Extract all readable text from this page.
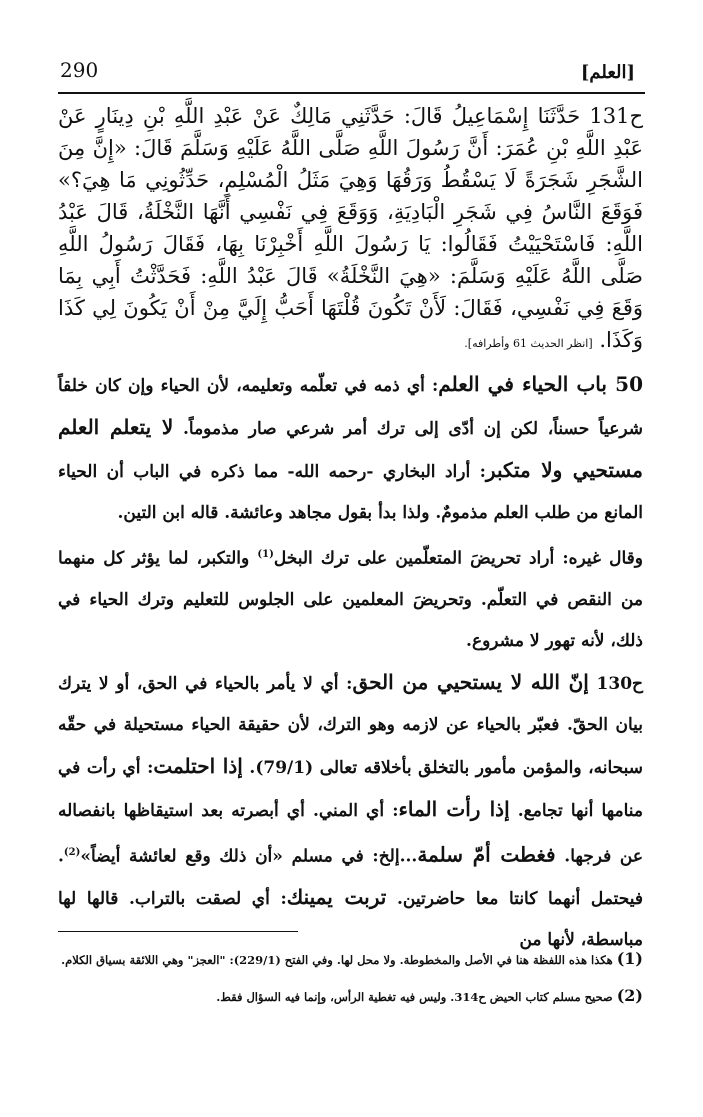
290	[العلم]

ح131 حَدَّثَنَا إِسْمَاعِيلُ قَالَ: حَدَّثَنِي مَالِكٌ عَنْ عَبْدِ اللَّهِ بْنِ دِينَارٍ عَنْ عَبْدِ اللَّهِ بْنِ عُمَرَ: أَنَّ رَسُولَ اللَّهِ صَلَّى اللَّهُ عَلَيْهِ وَسَلَّمَ قَالَ: «إِنَّ مِنَ الشَّجَرِ شَجَرَةً لَا يَسْقُطُ وَرَقُهَا وَهِيَ مَثَلُ الْمُسْلِمِ، حَدِّثُونِي مَا هِيَ؟» فَوَقَعَ النَّاسُ فِي شَجَرِ الْبَادِيَةِ، وَوَقَعَ فِي نَفْسِي أَنَّهَا النَّخْلَةُ، قَالَ عَبْدُ اللَّهِ: فَاسْتَحْيَيْتُ فَقَالُوا: يَا رَسُولَ اللَّهِ أَخْبِرْنَا بِهَا، فَقَالَ رَسُولُ اللَّهِ صَلَّى اللَّهُ عَلَيْهِ وَسَلَّمَ: «هِيَ النَّخْلَةُ» قَالَ عَبْدُ اللَّهِ: فَحَدَّثْتُ أَبِي بِمَا وَقَعَ فِي نَفْسِي، فَقَالَ: لَأَنْ تَكُونَ قُلْتَهَا أَحَبُّ إِلَيَّ مِنْ أَنْ يَكُونَ لِي كَذَا وَكَذَا. [انظر الحديث 61 وأطرافه].

50 باب الحياء في العلم: أي ذمه في تعلّمه وتعليمه، لأن الحياء وإن كان خلقاً شرعياً حسناً، لكن إن أدّى إلى ترك أمر شرعي صار مذموماً. لا يتعلم العلم مستحيي ولا متكبر: أراد البخاري -رحمه الله- مما ذكره في الباب أن الحياء المانع من طلب العلم مذمومٌ. ولذا بدأ بقول مجاهد وعائشة. قاله ابن التين.

وقال غيره: أراد تحريضَ المتعلّمين على ترك البخل$^{(1)}$ والتكبر، لما يؤثر كل منهما من النقص في التعلّم. وتحريضَ المعلمين على الجلوس للتعليم وترك الحياء في ذلك، لأنه تهور لا مشروع.

ح130 إنّ الله لا يستحيي من الحق: أي لا يأمر بالحياء في الحق، أو لا يترك بيان الحقّ. فعبّر بالحياء عن لازمه وهو الترك، لأن حقيقة الحياء مستحيلة في حقّه سبحانه، والمؤمن مأمور بالتخلق بأخلاقه تعالى (79/1). إذا احتلمت: أي رأت في منامها أنها تجامع. إذا رأت الماء: أي المني. أي أبصرته بعد استيقاظها بانفصاله عن فرجها. فغطت أمّ سلمة...إلخ: في مسلم «أن ذلك وقع لعائشة أيضاً»$^{(2)}$. فيحتمل أنهما كانتا معا حاضرتين. تربت يمينك: أي لصقت بالتراب. قالها لها مباسطة، لأنها من

(1) هكذا هذه اللفظة هنا في الأصل والمخطوطة. ولا محل لها. وفي الفتح (229/1): "العجز" وهي اللائقة بسياق الكلام.

(2) صحيح مسلم كتاب الحيض ح314. وليس فيه تغطية الرأس، وإنما فيه السؤال فقط.
